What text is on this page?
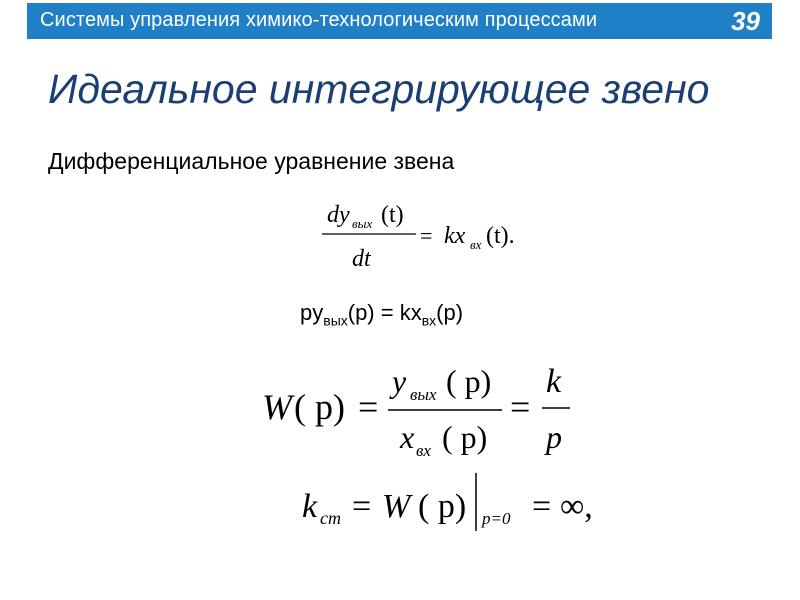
Системы управления химико-технологическим процессами	39
Идеальное интегрирующее звено
Дифференциальное уравнение звена
dy вых (t)
dt
= kx вх (t).
W ( p) =
y вых ( p)
x вх ( p)
=
k
p
k ст = W ( p) p=0 = ∞,
$py_{вых}(p) = kx_{вх}(p)$
